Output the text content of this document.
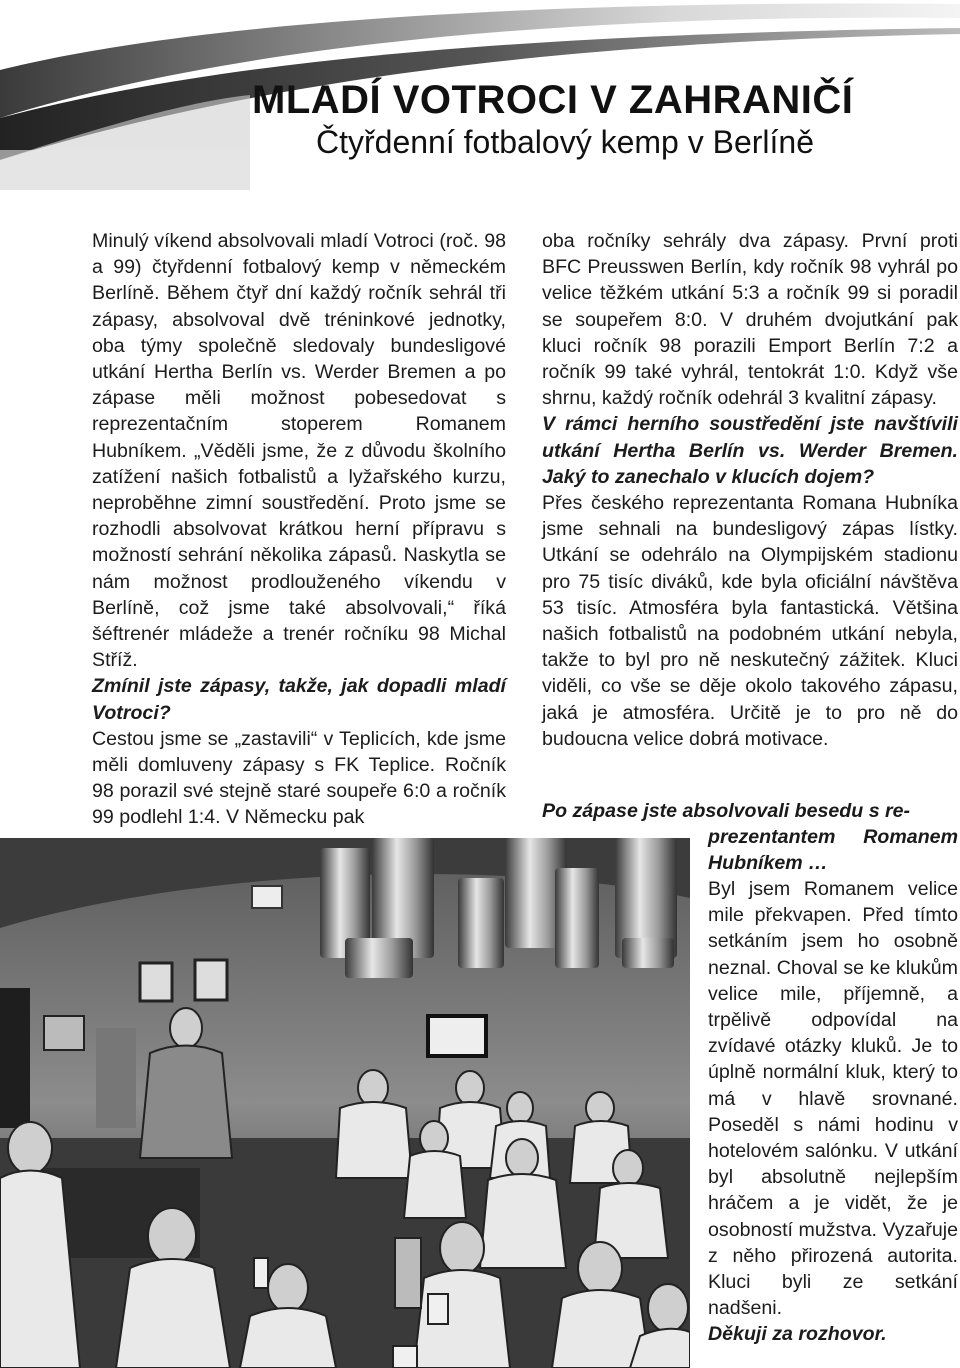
MLADÍ VOTROCI V ZAHRANIČÍ
Čtyřdenní fotbalový kemp v Berlíně

Minulý víkend absolvovali mladí Votroci (roč. 98 a 99) čtyřdenní fotbalový kemp v německém Berlíně. Během čtyř dní každý ročník sehrál tři zápasy, absolvoval dvě tréninkové jednotky, oba týmy společně sledovaly bundesligové utkání Hertha Berlín vs. Werder Bremen a po zápase měli možnost pobesedovat s reprezentačním stoperem Romanem Hubníkem. „Věděli jsme, že z důvodu školního zatížení našich fotbalistů a lyžařského kurzu, neproběhne zimní soustředění. Proto jsme se rozhodli absolvovat krátkou herní přípravu s možností sehrání několika zápasů. Naskytla se nám možnost prodlouženého víkendu v Berlíně, což jsme také absolvovali,“ říká šéftrenér mládeže a trenér ročníku 98 Michal Stříž.

Zmínil jste zápasy, takže, jak dopadli mladí Votroci?

Cestou jsme se „zastavili“ v Teplicích, kde jsme měli domluveny zápasy s FK Teplice. Ročník 98 porazil své stejně staré soupeře 6:0 a ročník 99 podlehl 1:4. V Německu pak

oba ročníky sehrály dva zápasy. První proti BFC Preusswen Berlín, kdy ročník 98 vyhrál po velice těžkém utkání 5:3 a ročník 99 si poradil se soupeřem 8:0. V druhém dvojutkání pak kluci ročník 98 porazili Emport Berlín 7:2 a ročník 99 také vyhrál, tentokrát 1:0. Když vše shrnu, každý ročník odehrál 3 kvalitní zápasy.

V rámci herního soustředění jste navštívili utkání Hertha Berlín vs. Werder Bremen. Jaký to zanechalo v klucích dojem?

Přes českého reprezentanta Romana Hubníka jsme sehnali na bundesligový zápas lístky. Utkání se odehrálo na Olympijském stadionu pro 75 tisíc diváků, kde byla oficiální návštěva 53 tisíc. Atmosféra byla fantastická. Většina našich fotbalistů na podobném utkání nebyla, takže to byl pro ně neskutečný zážitek. Kluci viděli, co vše se děje okolo takového zápasu, jaká je atmosféra. Určitě je to pro ně do budoucna velice dobrá motivace.

Po zápase jste absolvovali besedu s re-
prezentantem Romanem Hubníkem …

Byl jsem Romanem velice mile překvapen. Před tímto setkáním jsem ho osobně neznal. Choval se ke klukům velice mile, příjemně, a trpělivě odpovídal na zvídavé otázky kluků. Je to úplně normální kluk, který to má v hlavě srovnané. Poseděl s námi hodinu v hotelovém salónku. V utkání byl absolutně nejlepším hráčem a je vidět, že je osobností mužstva. Vyzařuje z něho přirozená autorita. Kluci byli ze setkání nadšeni.

Děkuji za rozhovor.
